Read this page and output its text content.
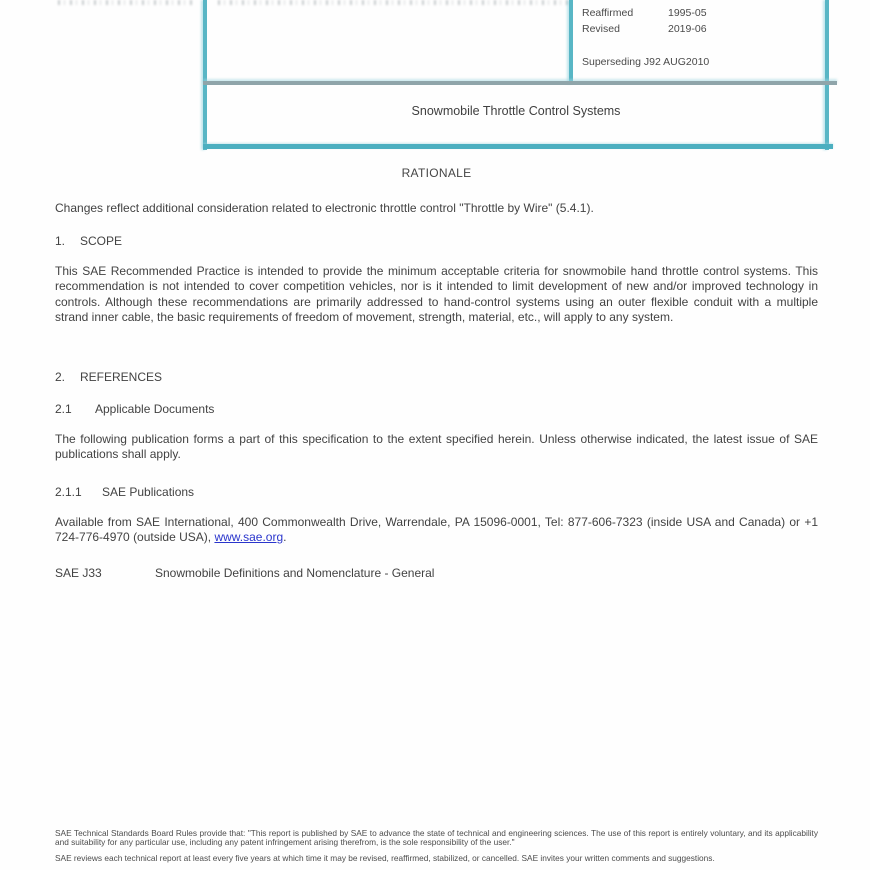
Reaffirmed	1995-05
Revised	2019-06
Superseding J92 AUG2010
Snowmobile Throttle Control Systems
RATIONALE
Changes reflect additional consideration related to electronic throttle control "Throttle by Wire" (5.4.1).
1. SCOPE
This SAE Recommended Practice is intended to provide the minimum acceptable criteria for snowmobile hand throttle control systems. This recommendation is not intended to cover competition vehicles, nor is it intended to limit development of new and/or improved technology in controls. Although these recommendations are primarily addressed to hand-control systems using an outer flexible conduit with a multiple strand inner cable, the basic requirements of freedom of movement, strength, material, etc., will apply to any system.
2. REFERENCES
2.1 Applicable Documents
The following publication forms a part of this specification to the extent specified herein. Unless otherwise indicated, the latest issue of SAE publications shall apply.
2.1.1 SAE Publications
Available from SAE International, 400 Commonwealth Drive, Warrendale, PA 15096-0001, Tel: 877-606-7323 (inside USA and Canada) or +1 724-776-4970 (outside USA), www.sae.org.
SAE J33	Snowmobile Definitions and Nomenclature - General
SAE Technical Standards Board Rules provide that: "This report is published by SAE to advance the state of technical and engineering sciences. The use of this report is entirely voluntary, and its applicability and suitability for any particular use, including any patent infringement arising therefrom, is the sole responsibility of the user."
SAE reviews each technical report at least every five years at which time it may be revised, reaffirmed, stabilized, or cancelled. SAE invites your written comments and suggestions.
